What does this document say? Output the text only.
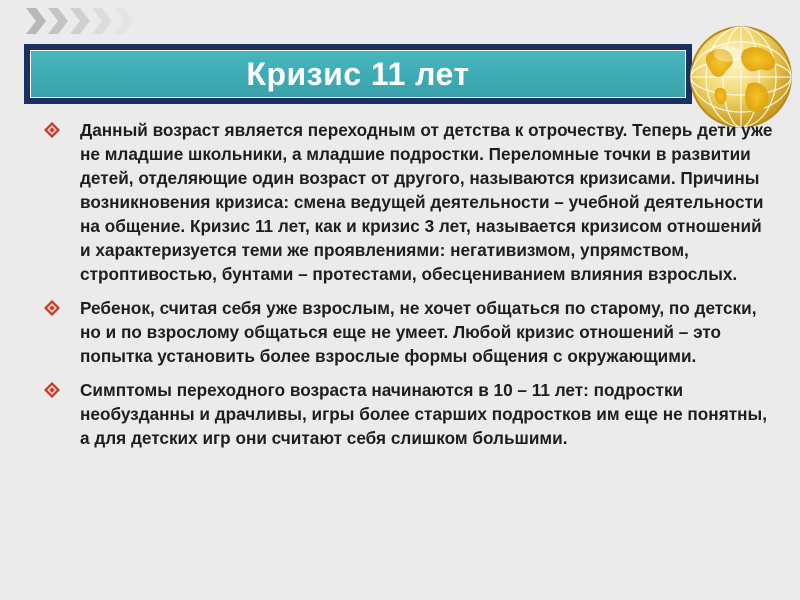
Кризис 11 лет

Данный возраст является переходным от детства к отрочеству. Теперь дети уже не младшие школьники, а младшие подростки. Переломные точки в развитии детей, отделяющие один возраст от другого, называются кризисами. Причины возникновения кризиса: смена ведущей деятельности – учебной деятельности на общение. Кризис 11 лет, как и кризис 3 лет, называется кризисом отношений и характеризуется теми же проявлениями: негативизмом, упрямством, строптивостью, бунтами – протестами, обесцениванием влияния взрослых.

Ребенок, считая себя уже взрослым, не хочет общаться по старому, по детски, но и по взрослому общаться еще не умеет. Любой кризис отношений – это попытка установить более взрослые формы общения с окружающими.

Симптомы переходного возраста начинаются в 10 – 11 лет: подростки необузданны и драчливы, игры более старших подростков им еще не понятны, а для детских игр они считают себя слишком большими.
